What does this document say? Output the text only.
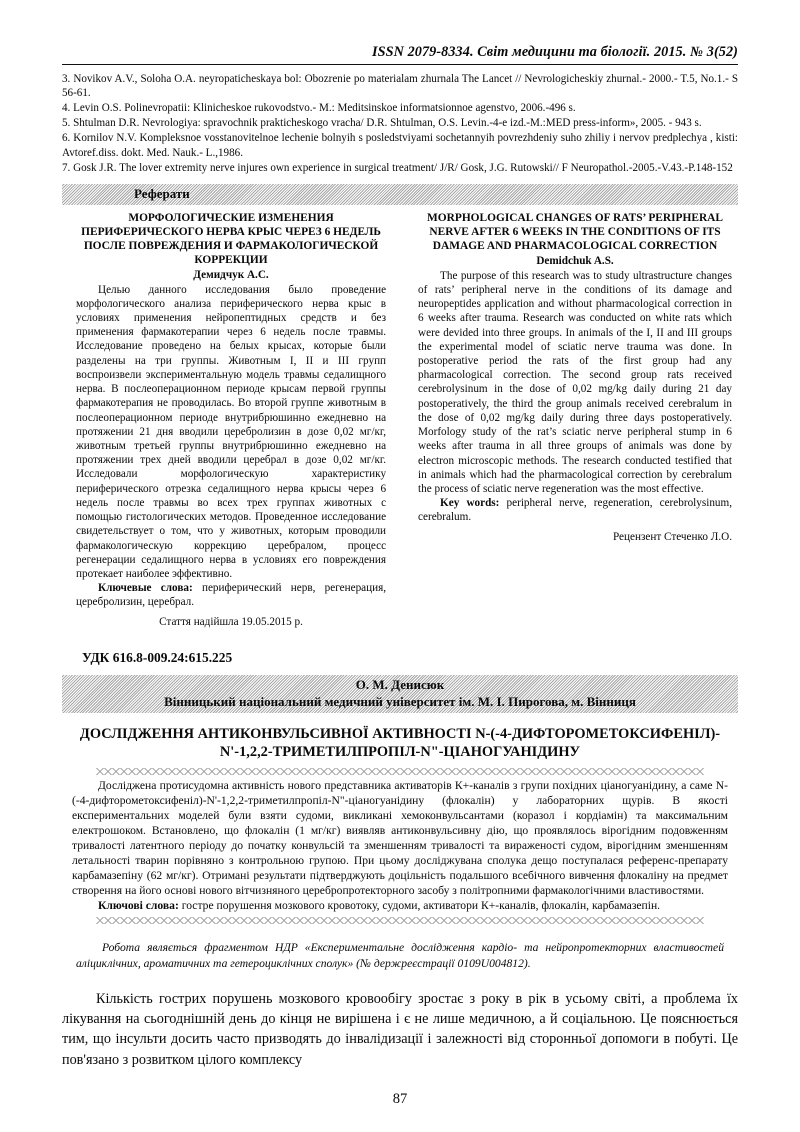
ISSN 2079-8334. Світ медицини та біології. 2015. № 3(52)

3. Novikov A.V., Soloha O.A. neyropaticheskaya bol: Obozrenie po materialam zhurnala The Lancet // Nevrologicheskiy zhurnal.- 2000.- T.5, No.1.- S 56-61.

4. Levin O.S. Polinevropatii: Klinicheskoe rukovodstvo.- M.: Meditsinskoe informatsionnoe agenstvo, 2006.-496 s.

5. Shtulman D.R. Nevrologiya: spravochnik prakticheskogo vracha/ D.R. Shtulman, O.S. Levin.-4-e izd.-M.:MED press-inform», 2005. - 943 s.

6. Kornilov N.V. Kompleksnoe vosstanovitelnoe lechenie bolnyih s posledstviyami sochetannyih povrezhdeniy suho zhiliy i nervov predplechya , kisti: Avtoref.diss. dokt. Med. Nauk.- L.,1986.

7. Gosk J.R. The lover extremity nerve injures own experience in surgical treatment/ J/R/ Gosk, J.G. Rutowski// F Neuropathol.-2005.-V.43.-P.148-152

Реферати
МОРФОЛОГИЧЕСКИЕ ИЗМЕНЕНИЯ ПЕРИФЕРИЧЕСКОГО НЕРВА КРЫС ЧЕРЕЗ 6 НЕДЕЛЬ ПОСЛЕ ПОВРЕЖДЕНИЯ И ФАРМАКОЛОГИЧЕСКОЙ КОРРЕКЦИИ
Демидчук А.С.

Целью данного исследования было проведение морфологического анализа периферического нерва крыс в условиях применения нейропептидных средств и без применения фармакотерапии через 6 недель после травмы. Исследование проведено на белых крысах, которые были разделены на три группы. Животным I, II и III групп воспроизвели экспериментальную модель травмы седалищного нерва. В послеоперационном периоде крысам первой группы фармакотерапия не проводилась. Во второй группе животным в послеоперационном периоде внутрибрюшинно ежедневно на протяжении 21 дня вводили церебролизин в дозе 0,02 мг/кг, животным третьей группы внутрибрюшинно ежедневно на протяжении трех дней вводили церебрал в дозе 0,02 мг/кг. Исследовали морфологическую характеристику периферического отрезка седалищного нерва крысы через 6 недель после травмы во всех трех группах животных с помощью гистологических методов. Проведенное исследование свидетельствует о том, что у животных, которым проводили фармакологическую коррекцию церебралом, процесс регенерации седалищного нерва в условиях его повреждения протекает наиболее эффективно.

Ключевые слова: периферический нерв, регенерация, церебролизин, церебрал.

Стаття надійшла 19.05.2015 р.
MORPHOLOGICAL CHANGES OF RATS’ PERIPHERAL NERVE AFTER 6 WEEKS IN THE CONDITIONS OF ITS DAMAGE AND PHARMACOLOGICAL CORRECTION
Demidchuk A.S.

The purpose of this research was to study ultrastructure changes of rats’ peripheral nerve in the conditions of its damage and neuropeptides application and without pharmacological correction in 6 weeks after trauma. Research was conducted on white rats which were devided into three groups. In animals of the I, II and III groups the experimental model of sciatic nerve trauma was done. In postoperative period the rats of the first group had any pharmacological correction. The second group rats received cerebrolysinum in the dose of 0,02 mg/kg daily during 21 day postoperatively, the third the group animals received cerebralum in the dose of 0,02 mg/kg daily during three days postoperatively. Morfology study of the rat’s sciatic nerve peripheral stump in 6 weeks after trauma in all three groups of animals was done by electron microscopic methods. The research conducted testified that in animals which had the pharmacological correction by cerebralum the process of sciatic nerve regeneration was the most effective.

Key words: peripheral nerve, regeneration, cerebrolysinum, cerebralum.

Рецензент Стеченко Л.О.
УДК 616.8-009.24:615.225
О. М. Денисюк
Вінницький національний медичний університет ім. М. І. Пирогова, м. Вінниця
ДОСЛІДЖЕННЯ АНТИКОНВУЛЬСИВНОЇ АКТИВНОСТІ N-(-4-ДИФТОРОМЕТОКСИФЕНІЛ)-N'-1,2,2-ТРИМЕТИЛПРОПІЛ-N"-ЦІАНОГУАНІДИНУ

Досліджена протисудомна активність нового представника активаторів К+-каналів з групи похідних ціаногуанідину, а саме N-(-4-дифторометоксифеніл)-N'-1,2,2-триметилпропіл-N"-ціаногуанідину (флокалін) у лабораторних щурів. В якості експериментальних моделей були взяти судоми, викликані хемоконвульсантами (коразол і кордіамін) та максимальним електрошоком. Встановлено, що флокалін (1 мг/кг) виявляв антиконвульсивну дію, що проявлялось вірогідним подовженням тривалості латентного періоду до початку конвульсій та зменшенням тривалості та вираженості судом, вірогідним зменшенням летальності тварин порівняно з контрольною групою. При цьому досліджувана сполука дещо поступалася референс-препарату карбамазепіну (62 мг/кг). Отримані результати підтверджують доцільність подальшого всебічного вивчення флокаліну на предмет створення на його основі нового вітчизняного церебропротекторного засобу з політропними фармакологічними властивостями.

Ключові слова: гостре порушення мозкового кровотоку, судоми, активатори К+-каналів, флокалін, карбамазепін.

Робота являється фрагментом НДР «Експериментальне дослідження кардіо- та нейропротекторних властивостей аліциклічних, ароматичних та гетероциклічних сполук» (№ держреєстрації 0109U004812).

Кількість гострих порушень мозкового кровообігу зростає з року в рік в усьому світі, а проблема їх лікування на сьогоднішній день до кінця не вирішена і є не лише медичною, а й соціальною. Це пояснюється тим, що інсульти досить часто призводять до інвалідизації і залежності від сторонньої допомоги в побуті. Це пов'язано з розвитком цілого комплексу

87
